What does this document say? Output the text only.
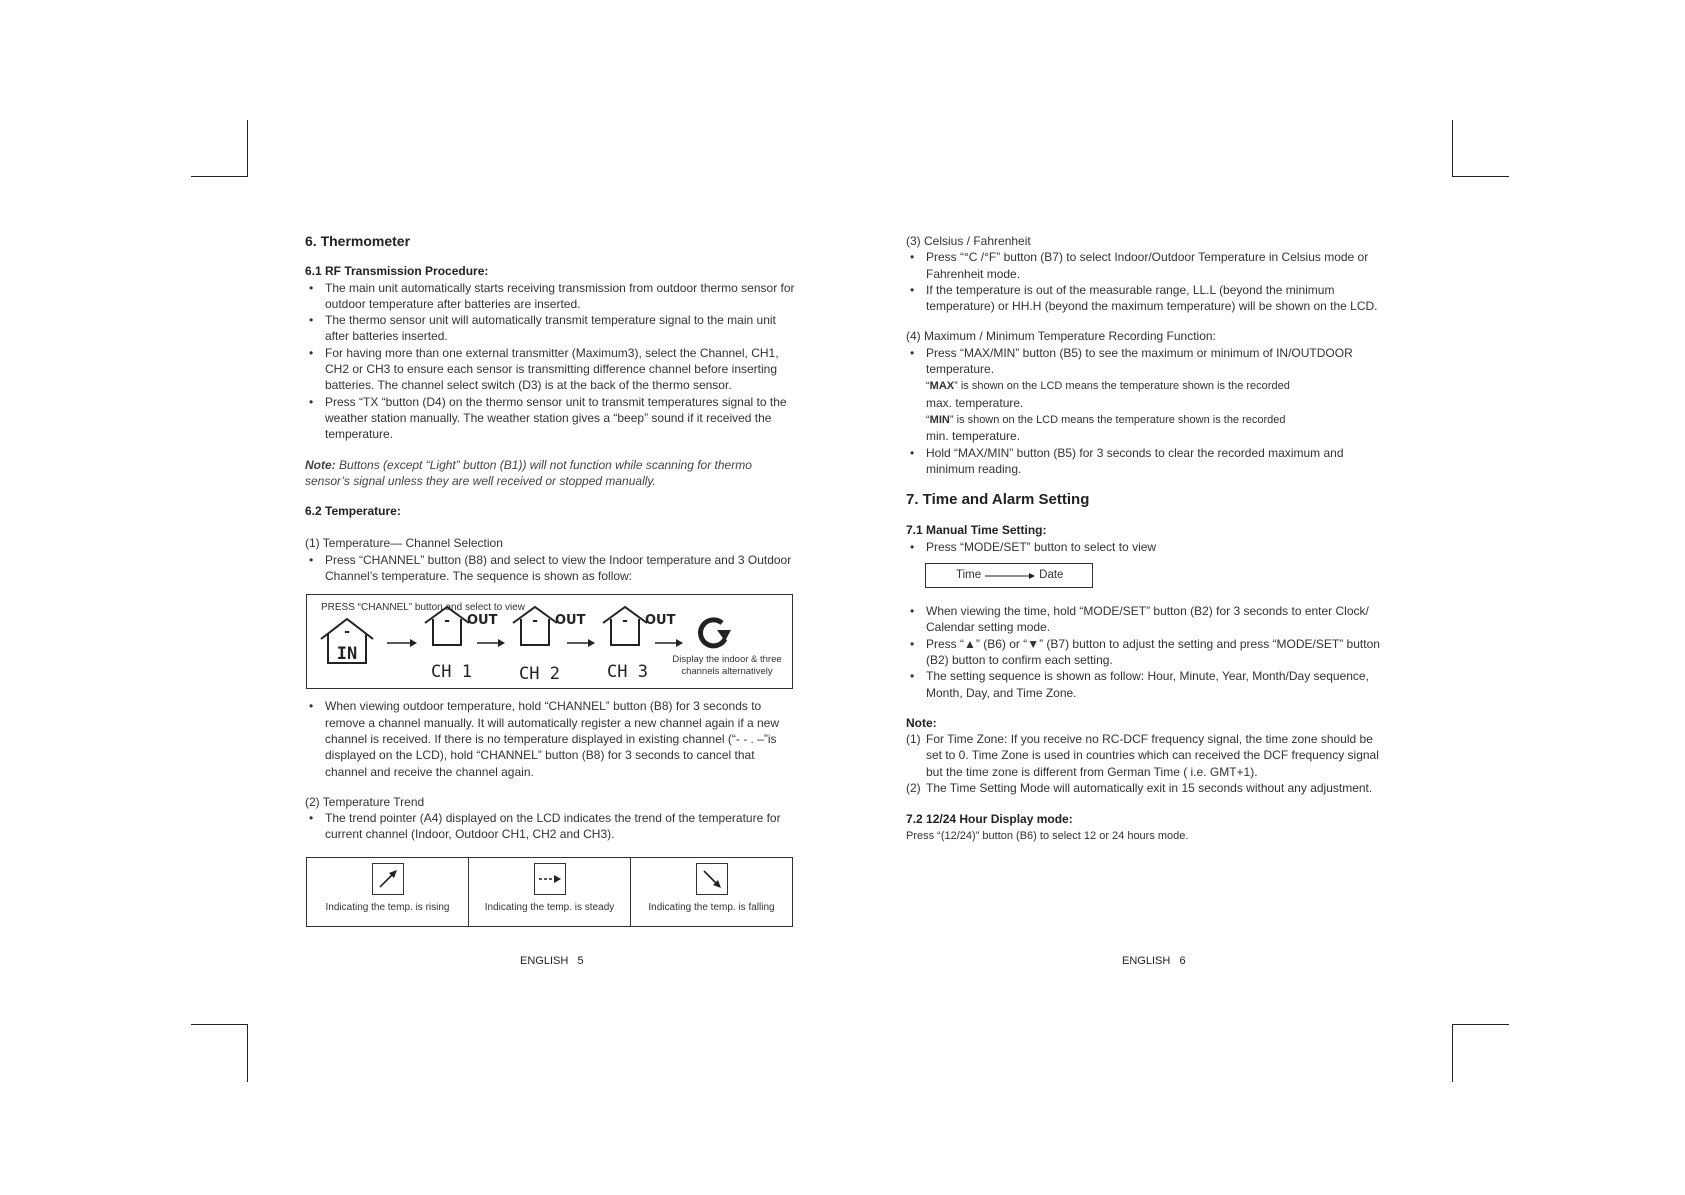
6. Thermometer

6.1 RF Transmission Procedure:

• The main unit automatically starts receiving transmission from outdoor thermo sensor for outdoor temperature after batteries are inserted.
• The thermo sensor unit will automatically transmit temperature signal to the main unit after batteries inserted.
• For having more than one external transmitter (Maximum3), select the Channel, CH1, CH2 or CH3 to ensure each sensor is transmitting difference channel before inserting batteries. The channel select switch (D3) is at the back of the thermo sensor.
• Press “TX “button (D4) on the thermo sensor unit to transmit temperatures signal to the weather station manually. The weather station gives a “beep” sound if it received the temperature.

Note: Buttons (except “Light” button (B1)) will not function while scanning for thermo sensor’s signal unless they are well received or stopped manually.

6.2 Temperature:

(1) Temperature— Channel Selection

• Press “CHANNEL” button (B8) and select to view the Indoor temperature and 3 Outdoor Channel’s temperature. The sequence is shown as follow:
PRESS “CHANNEL” button and select to view
-
IN
- OUT - OUT	- OUT
CH 1	CH 2	CH 3
Display the indoor & three
channels alternatively
• When viewing outdoor temperature, hold “CHANNEL” button (B8) for 3 seconds to remove a channel manually. It will automatically register a new channel again if a new channel is received. If there is no temperature displayed in existing channel (“- - . –”is displayed on the LCD), hold “CHANNEL” button (B8) for 3 seconds to cancel that channel and receive the channel again.

(2) Temperature Trend

• The trend pointer (A4) displayed on the LCD indicates the trend of the temperature for current channel (Indoor, Outdoor CH1, CH2 and CH3).
Indicating the temp. is rising	Indicating the temp. is steady	Indicating the temp. is falling
ENGLISH   5

(3) Celsius / Fahrenheit

• Press “°C /°F” button (B7) to select Indoor/Outdoor Temperature in Celsius mode or Fahrenheit mode.
• If the temperature is out of the measurable range, LL.L (beyond the minimum temperature) or HH.H (beyond the maximum temperature) will be shown on the LCD.

(4) Maximum / Minimum Temperature Recording Function:

• Press “MAX/MIN” button (B5) to see the maximum or minimum of IN/OUTDOOR temperature.
“MAX” is shown on the LCD means the temperature shown is the recorded
max. temperature.
“MIN” is shown on the LCD means the temperature shown is the recorded
min. temperature.
• Hold “MAX/MIN” button (B5) for 3 seconds to clear the recorded maximum and minimum reading.

7. Time and Alarm Setting

7.1 Manual Time Setting:

• Press “MODE/SET” button to select to view
Time	Date
• When viewing the time, hold “MODE/SET” button (B2) for 3 seconds to enter Clock/ Calendar setting mode.
• Press “▲” (B6) or “▼” (B7) button to adjust the setting and press “MODE/SET” button (B2) button to confirm each setting.
• The setting sequence is shown as follow: Hour, Minute, Year, Month/Day sequence, Month, Day, and Time Zone.

Note:

(1) For Time Zone: If you receive no RC-DCF frequency signal, the time zone should be set to 0. Time Zone is used in countries which can received the DCF frequency signal but the time zone is different from German Time ( i.e. GMT+1).
(2) The Time Setting Mode will automatically exit in 15 seconds without any adjustment.

7.2 12/24 Hour Display mode:

Press “(12/24)” button (B6) to select 12 or 24 hours mode.

ENGLISH   6
